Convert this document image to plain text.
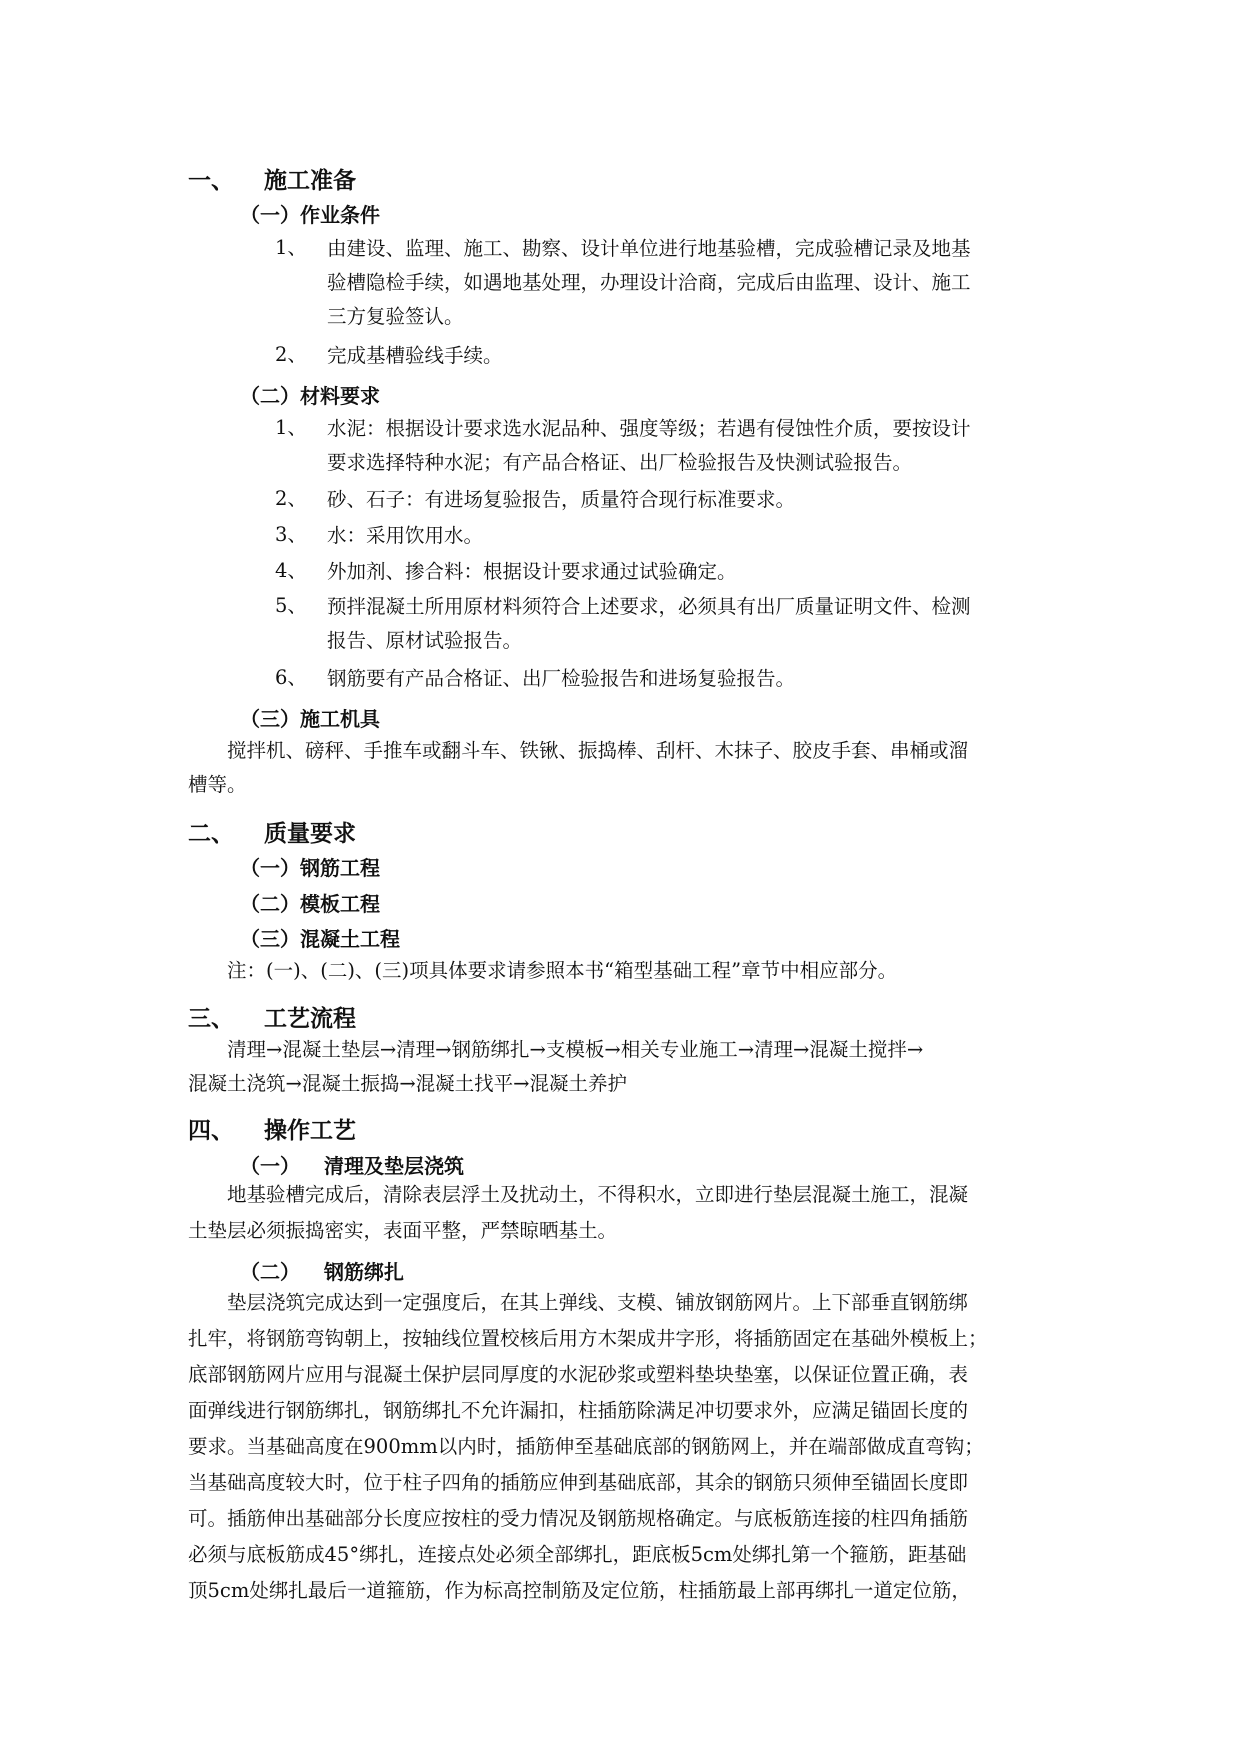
一、 施工准备
（一）作业条件
1、 由建设、监理、施工、勘察、设计单位进行地基验槽，完成验槽记录及地基
验槽隐检手续，如遇地基处理，办理设计洽商，完成后由监理、设计、施工
三方复验签认。
2、 完成基槽验线手续。
（二）材料要求
1、 水泥：根据设计要求选水泥品种、强度等级；若遇有侵蚀性介质，要按设计
要求选择特种水泥；有产品合格证、出厂检验报告及快测试验报告。
2、 砂、石子：有进场复验报告，质量符合现行标准要求。
3、 水：采用饮用水。
4、 外加剂、掺合料：根据设计要求通过试验确定。
5、 预拌混凝土所用原材料须符合上述要求，必须具有出厂质量证明文件、检测
报告、原材试验报告。
6、 钢筋要有产品合格证、出厂检验报告和进场复验报告。
（三）施工机具
　　搅拌机、磅秤、手推车或翻斗车、铁锹、振捣棒、刮杆、木抹子、胶皮手套、串桶或溜
槽等。
二、 质量要求
（一）钢筋工程
（二）模板工程
（三）混凝土工程
　　注：(一)、(二)、(三)项具体要求请参照本书“箱型基础工程”章节中相应部分。
三、 工艺流程
　　清理→混凝土垫层→清理→钢筋绑扎→支模板→相关专业施工→清理→混凝土搅拌→
混凝土浇筑→混凝土振捣→混凝土找平→混凝土养护
四、 操作工艺
（一） 清理及垫层浇筑
　　地基验槽完成后，清除表层浮土及扰动土，不得积水，立即进行垫层混凝土施工，混凝
土垫层必须振捣密实，表面平整，严禁晾晒基土。
（二） 钢筋绑扎
　　垫层浇筑完成达到一定强度后，在其上弹线、支模、铺放钢筋网片。上下部垂直钢筋绑
扎牢，将钢筋弯钩朝上，按轴线位置校核后用方木架成井字形，将插筋固定在基础外模板上；
底部钢筋网片应用与混凝土保护层同厚度的水泥砂浆或塑料垫块垫塞，以保证位置正确，表
面弹线进行钢筋绑扎，钢筋绑扎不允许漏扣，柱插筋除满足冲切要求外，应满足锚固长度的
要求。当基础高度在900mm以内时，插筋伸至基础底部的钢筋网上，并在端部做成直弯钩；
当基础高度较大时，位于柱子四角的插筋应伸到基础底部，其余的钢筋只须伸至锚固长度即
可。插筋伸出基础部分长度应按柱的受力情况及钢筋规格确定。与底板筋连接的柱四角插筋
必须与底板筋成45°绑扎，连接点处必须全部绑扎，距底板5cm处绑扎第一个箍筋，距基础
顶5cm处绑扎最后一道箍筋，作为标高控制筋及定位筋，柱插筋最上部再绑扎一道定位筋，
